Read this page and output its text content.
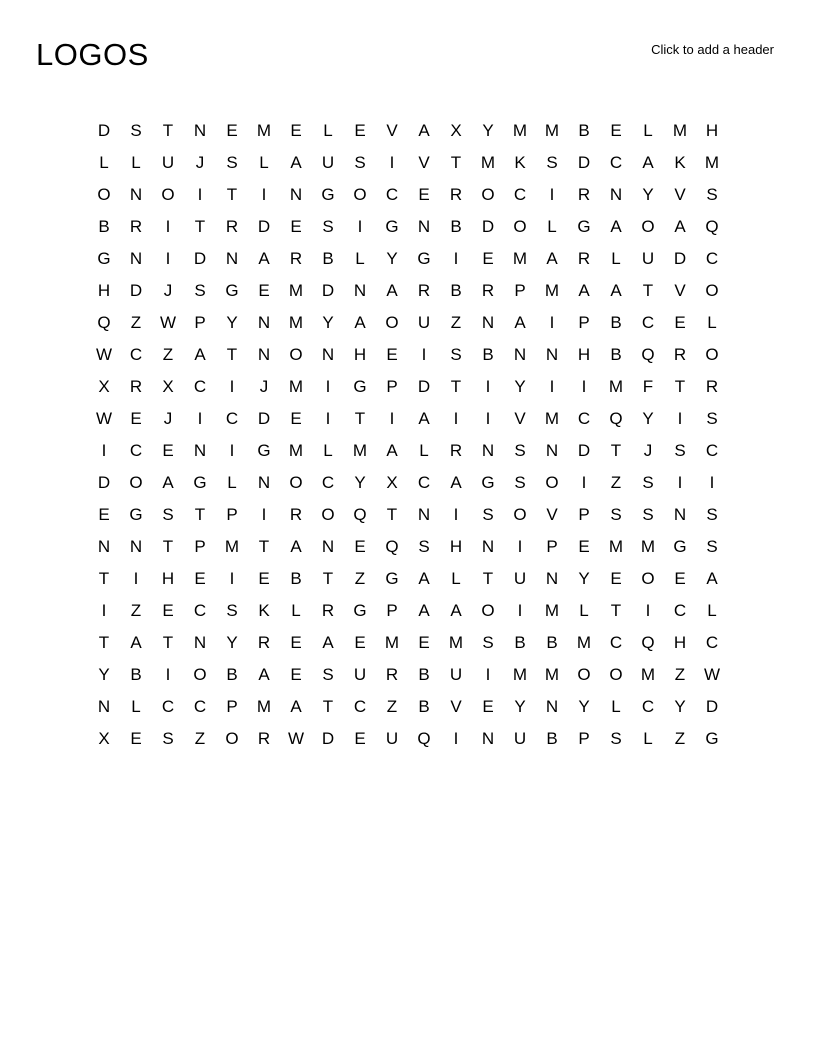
LOGOS	Click to add a header
D	S	T	N	E	M	E	L	E	V	A	X	Y	M	M	B	E	L	M	H
L	L	U	J	S	L	A	U	S	I	V	T	M	K	S	D	C	A	K	M
O	N	O	I	T	I	N	G	O	C	E	R	O	C	I	R	N	Y	V	S
B	R	I	T	R	D	E	S	I	G	N	B	D	O	L	G	A	O	A	Q
G	N	I	D	N	A	R	B	L	Y	G	I	E	M	A	R	L	U	D	C
H	D	J	S	G	E	M	D	N	A	R	B	R	P	M	A	A	T	V	O
Q	Z	W	P	Y	N	M	Y	A	O	U	Z	N	A	I	P	B	C	E	L
W	C	Z	A	T	N	O	N	H	E	I	S	B	N	N	H	B	Q	R	O
X	R	X	C	I	J	M	I	G	P	D	T	I	Y	I	I	M	F	T	R
W	E	J	I	C	D	E	I	T	I	A	I	I	V	M	C	Q	Y	I	S
I	C	E	N	I	G	M	L	M	A	L	R	N	S	N	D	T	J	S	C
D	O	A	G	L	N	O	C	Y	X	C	A	G	S	O	I	Z	S	I	I
E	G	S	T	P	I	R	O	Q	T	N	I	S	O	V	P	S	S	N	S
N	N	T	P	M	T	A	N	E	Q	S	H	N	I	P	E	M	M	G	S
T	I	H	E	I	E	B	T	Z	G	A	L	T	U	N	Y	E	O	E	A
I	Z	E	C	S	K	L	R	G	P	A	A	O	I	M	L	T	I	C	L
T	A	T	N	Y	R	E	A	E	M	E	M	S	B	B	M	C	Q	H	C
Y	B	I	O	B	A	E	S	U	R	B	U	I	M	M	O	O	M	Z	W
N	L	C	C	P	M	A	T	C	Z	B	V	E	Y	N	Y	L	C	Y	D
X	E	S	Z	O	R	W	D	E	U	Q	I	N	U	B	P	S	L	Z	G
